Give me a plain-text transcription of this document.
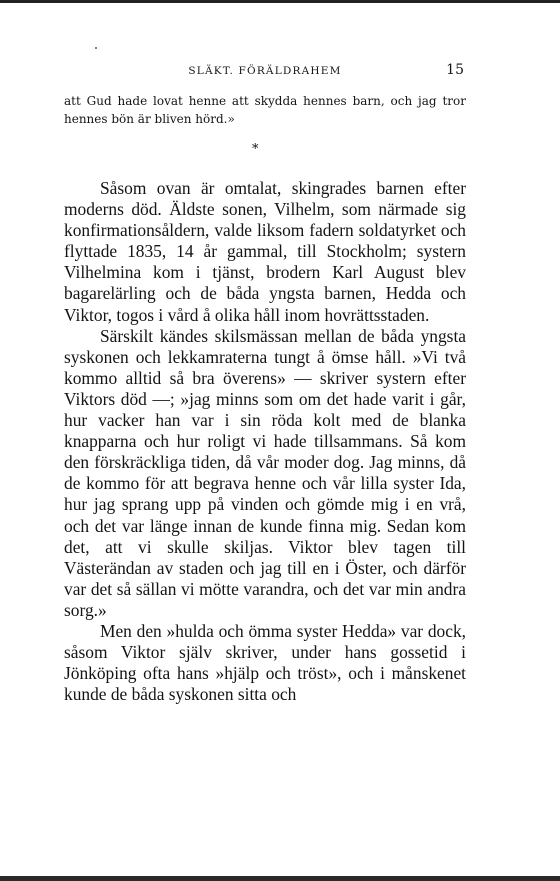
SLÄKT. FÖRÄLDRAHEM	15
att Gud hade lovat henne att skydda hennes barn, och jag tror hennes bön är bliven hörd.»
*

Såsom ovan är omtalat, skingrades barnen efter moderns död. Äldste sonen, Vilhelm, som närmade sig konfirmationsåldern, valde liksom fadern soldatyrket och flyttade 1835, 14 år gammal, till Stockholm; systern Vilhelmina kom i tjänst, brodern Karl August blev bagarelärling och de båda yngsta barnen, Hedda och Viktor, togos i vård å olika håll inom hovrättsstaden.

Särskilt kändes skilsmässan mellan de båda yngsta syskonen och lekkamraterna tungt å ömse håll. »Vi två kommo alltid så bra överens» — skriver systern efter Viktors död —; »jag minns som om det hade varit i går, hur vacker han var i sin röda kolt med de blanka knapparna och hur roligt vi hade tillsammans. Så kom den förskräckliga tiden, då vår moder dog. Jag minns, då de kommo för att begrava henne och vår lilla syster Ida, hur jag sprang upp på vinden och gömde mig i en vrå, och det var länge innan de kunde finna mig. Sedan kom det, att vi skulle skiljas. Viktor blev tagen till Västerändan av staden och jag till en i Öster, och därför var det så sällan vi mötte varandra, och det var min andra sorg.»

Men den »hulda och ömma syster Hedda» var dock, såsom Viktor själv skriver, under hans gossetid i Jönköping ofta hans »hjälp och tröst», och i månskenet kunde de båda syskonen sitta och
